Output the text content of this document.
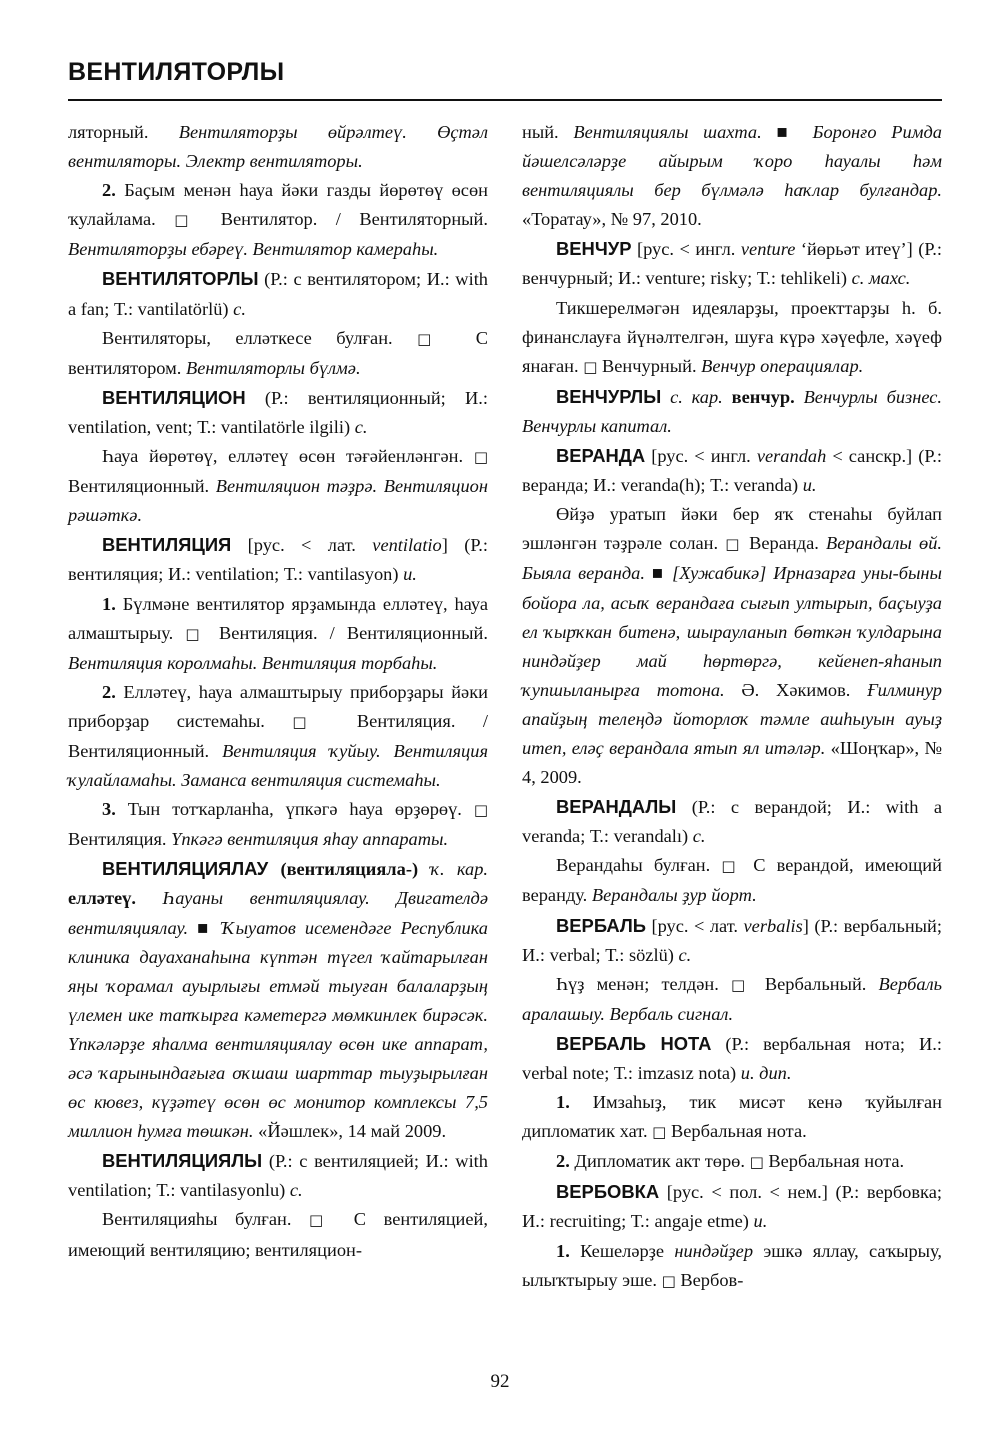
ВЕНТИЛЯТОРЛЫ

ляторный. Вентиляторҙы өйрәлтеү. Өҫтәл вентиляторы. Электр вентиляторы.

2. Баҫым менән һауа йәки газды йөрөтөү өсөн ҡулайлама. □ Вентилятор. / Вентиляторный. Вентиляторҙы ебәреү. Вентилятор камераһы.

ВЕНТИЛЯТОРЛЫ (Р.: с вентилятором; И.: with a fan; Т.: vantilatörlü) с.

Вентиляторы, елләткесе булған. □ С вентилятором. Вентиляторлы бүлмә.

ВЕНТИЛЯЦИОН (Р.: вентиляционный; И.: ventilation, vent; Т.: vantilatörle ilgili) с.

Һауа йөрөтөү, елләтеү өсөн тәғәйенләнгән. □ Вентиляционный. Вентиляцион тәҙрә. Вентиляцион рәшәткә.

ВЕНТИЛЯЦИЯ [рус. < лат. ventilatio] (Р.: вентиляция; И.: ventilation; Т.: vantilasyon) и.

1. Бүлмәне вентилятор ярҙамында елләтеү, һауа алмаштырыу. □ Вентиляция. / Вентиляционный. Вентиляция королмаһы. Вентиляция торбаһы.

2. Елләтеү, һауа алмаштырыу приборҙары йәки приборҙар системаһы. □ Вентиляция. / Вентиляционный. Вентиляция ҡуйыу. Вентиляция ҡулайламаһы. Заманса вентиляция системаһы.

3. Тын тотҡарланһа, үпкәгә һауа өрҙөрөү. □ Вентиляция. Үпкәгә вентиляция яһау аппараты.

ВЕНТИЛЯЦИЯЛАУ (вентиляцияла-) ҡ. кар. елләтеү. Һауаны вентиляциялау. Двигателдә вентиляциялау. ■ Ҡыуатов исемендәге Республика клиника дауаханаһына күптән түгел ҡайтарылған яңы ҡорамал ауырлығы етмәй тыуған балаларҙың үлемен ике тапҡырға кәметергә мөмкинлек бирәсәк. Үпкәләрҙе яһалма вентиляциялау өсөн ике аппарат, әсә ҡарынындағыға оҡшаш шарттар тыуҙырылған өс кювез, күҙәтеү өсөн өс монитор комплексы 7,5 миллион һумға төшкән. «Йәшлек», 14 май 2009.

ВЕНТИЛЯЦИЯЛЫ (Р.: с вентиляцией; И.: with ventilation; Т.: vantilasyonlu) с.

Вентиляцияһы булған. □ С вентиляцией, имеющий вентиляцию; вентиляцион-

ный. Вентиляциялы шахта. ■ Боронғо Римда йәшелсәләрҙе айырым ҡоро һауалы һәм вентиляциялы бер бүлмәлә һаҡлар булғандар. «Торатау», № 97, 2010.

ВЕНЧУР [рус. < ингл. venture ‘йөрьәт итеү’] (Р.: венчурный; И.: venture; risky; Т.: tehlikeli) с. махс.

Тикшерелмәгән идеяларҙы, проекттарҙы һ. б. финанслауға йүнәлтелгән, шуға күрә хәүефле, хәүеф янаған. □ Венчурный. Венчур операциялар.

ВЕНЧУРЛЫ с. кар. венчур. Венчурлы бизнес. Венчурлы капитал.

ВЕРАНДА [рус. < ингл. verandah < санскр.] (Р.: веранда; И.: veranda(h); Т.: veranda) и.

Өйҙә уратып йәки бер яҡ стенаһы буйлап эшләнгән тәҙрәле солан. □ Веранда. Верандалы өй. Быяла веранда. ■ [Хужабикә] Ирназарға уны-быны бойора ла, асыҡ верандаға сығып ултырып, баҫыуҙа ел ҡырҡкан битенә, шырауланып бөткән ҡулдарына ниндәйҙер май һөртөргә, кейенеп-яһанып ҡупшыланырға тотона. Ә. Хәкимов. Ғилминур апайҙың телеңдә йоторлоҡ тәмле ашһыуын ауыҙ итеп, еләҫ верандала ятып ял итәләр. «Шоңҡар», № 4, 2009.

ВЕРАНДАЛЫ (Р.: с верандой; И.: with a veranda; Т.: verandalı) с.

Верандаһы булған. □ С верандой, имеющий веранду. Верандалы ҙур йорт.

ВЕРБАЛЬ [рус. < лат. verbalis] (Р.: вербальный; И.: verbal; Т.: sözlü) с.

Һүҙ менән; телдән. □ Вербальный. Вербаль аралашыу. Вербаль сигнал.

ВЕРБАЛЬ НОТА (Р.: вербальная нота; И.: verbal note; Т.: imzasız nota) и. дип.

1. Имзаһыҙ, тик мисәт кенә ҡуйылған дипломатик хат. □ Вербальная нота.

2. Дипломатик акт төрө. □ Вербальная нота.

ВЕРБОВКА [рус. < пол. < нем.] (Р.: вербовка; И.: recruiting; Т.: angaje etme) и.

1. Кешеләрҙе ниндәйҙер эшкә яллау, саҡырыу, ылыҡтырыу эше. □ Вербов-

92
